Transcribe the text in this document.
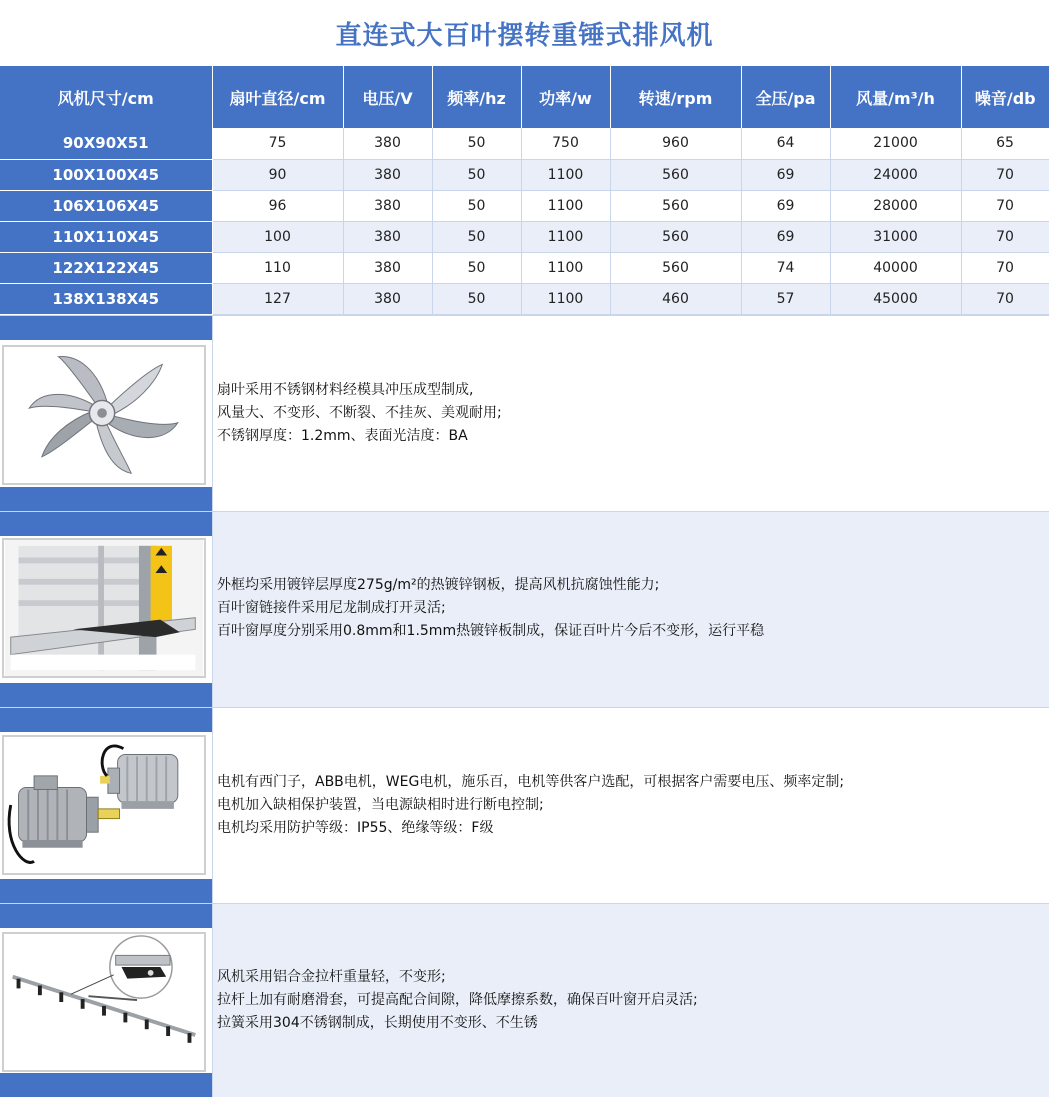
直连式大百叶摆转重锤式排风机
风机尺寸/cm	扇叶直径/cm	电压/V	频率/hz	功率/w	转速/rpm	全压/pa	风量/m³/h	噪音/db
90X90X51	75	380	50	750	960	64	21000	65
100X100X45	90	380	50	1100	560	69	24000	70
106X106X45	96	380	50	1100	560	69	28000	70
110X110X45	100	380	50	1100	560	69	31000	70
122X122X45	110	380	50	1100	560	74	40000	70
138X138X45	127	380	50	1100	460	57	45000	70
扇叶采用不锈钢材料经模具冲压成型制成,
风量大、不变形、不断裂、不挂灰、美观耐用;
不锈钢厚度：1.2mm、表面光洁度：BA
外框均采用镀锌层厚度275g/m²的热镀锌钢板，提高风机抗腐蚀性能力;
百叶窗链接件采用尼龙制成打开灵活;
百叶窗厚度分别采用0.8mm和1.5mm热镀锌板制成，保证百叶片今后不变形，运行平稳
电机有西门子，ABB电机，WEG电机，施乐百，电机等供客户选配，可根据客户需要电压、频率定制;
电机加入缺相保护装置，当电源缺相时进行断电控制;
电机均采用防护等级：IP55、绝缘等级：F级
风机采用铝合金拉杆重量轻，不变形;
拉杆上加有耐磨滑套，可提高配合间隙，降低摩擦系数，确保百叶窗开启灵活;
拉簧采用304不锈钢制成，长期使用不变形、不生锈
